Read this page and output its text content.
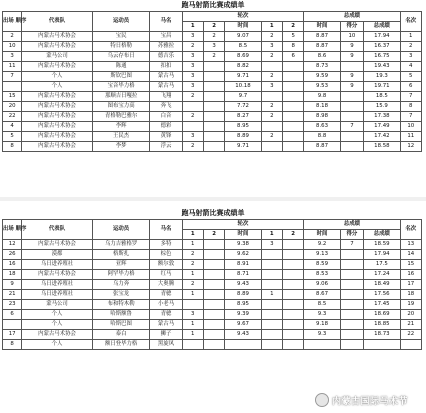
跑马射箭比赛成绩单
出场 顺序	代表队	运动员	马名	轮次					总成绩			名次
				1	2	时间	1	2	时间	得分	总成绩	
2	内蒙古马术协会	宝民	宝昌	3	2	9.07	2	5	8.87	10	17.94	1
10	内蒙古马术协会	特日格勒	苏雅拉	2	3	8.5	3	8	8.87	9	16.37	2
3	蒙马公司	乌云存布日	德吉乐	3	2	8.69	2	6	8.6	9	16.75	3
11	内蒙古马术协会	陈通	扣扣	3		8.82			8.73		19.43	4
7	个人	斯钦巴图	蒙古马	3		9.71	2		9.59	9	19.3	5
	个人	宝音毕力格	蒙古马	3		10.18	3		9.53	9	19.71	6
15	内蒙古马术协会	那顺吉日嘎拉	飞翔	2		9.7			9.8		18.5	7
20	内蒙古马术协会	图布宝力高	奔飞			7.72	2		8.18		15.9	8
22	内蒙古马术协会	青格勒巴雅尔	白音	2		8.27	2		8.98		17.38	7
4	内蒙古马术协会	李辉	德彩			8.95			8.63	7	17.49	10
5	内蒙古马术协会	王民杰	黄锋	3		8.89	2		8.8		17.42	11
8	内蒙古马术协会	李梦	浮云	2		9.71			8.87		18.58	12
跑马射箭比赛成绩单
出场 顺序	代表队	运动员	马名	轮次					总成绩			名次
				1	2	时间	1	2	时间	得分	总成绩	
12	内蒙古马术协会	乌力吉雅格罗	多特	1		9.38	3		9.2	7	18.59	13
26	漠都	格斯扎	棕色	2		9.62			9.13		17.94	14
16	乌日进养殖社	亚辉	额尔敦	2		8.91			8.59		17.5	15
18	内蒙古马术协会	阿罕毕力格	红马	1		8.71			8.53		17.24	16
9	乌日进养殖社	乌力奔	大奥腾	2		9.43			9.06		18.49	17
21	乌日进养殖社	张宝龙	青骢	1		8.89	1		8.67		17.56	18
23	蒙马公司	布和特木勒	小老马			8.95			8.5		17.45	19
6	个人	哈斯额鲁	青骢	3		9.39			9.3		18.69	20
	个人	哈斯巴图	蒙古马	1		9.67			9.18		18.85	21
17	内蒙古马术协会	泰白	狮子	1		9.43			9.3		18.73	22
8	个人	额日登毕力格	黑旋风									
内蒙古国际马术节
